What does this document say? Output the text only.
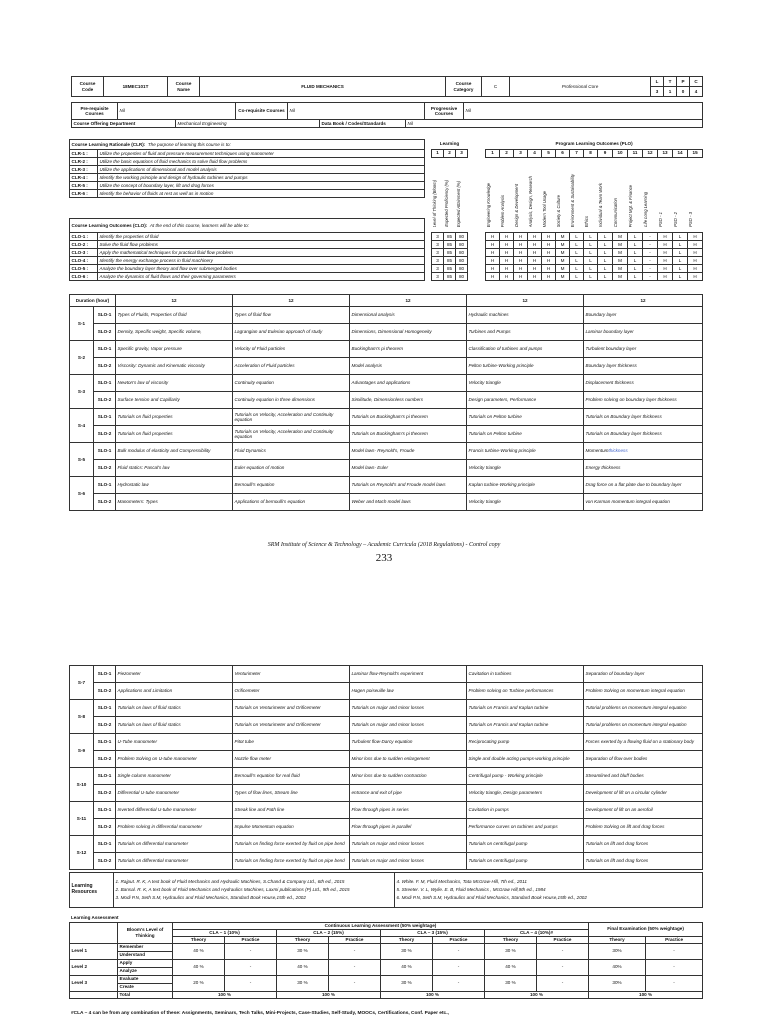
Course Code	18MEC101T	Course Name	FLUID MECHANICS	Course Category	C	Professional Core	L	T	P	C
							3	1	0	4
Pre-requisite Courses	Nil	Co-requisite Courses	Nil	Progressive Courses	Nil
Course Offering Department	Mechanical Engineering	Data Book / Codes/Standards	Nil
Course Learning Rationale (CLR): The purpose of learning this course is to:	
CLR-1 :	Utilize the properties of fluid and pressure measurement techniques using manometer
CLR-2 :	Utilize the basic equations of fluid mechanics to solve fluid flow problems
CLR-3 :	Utilize the applications of dimensional and model analysis
CLR-4 :	Identify the working principle and design of hydraulic turbines and pumps
CLR-5 :	Utilize the concept of boundary layer, lift and drag forces
CLR-6 :	Identify the behavior of fluids at rest as well as in motion
Course Learning Outcomes (CLO): At the end of this course, learners will be able to:	
CLO-1 :	Identify the properties of fluid
CLO-2 :	Solve the fluid flow problems
CLO-3 :	Apply the mathematical techniques for practical fluid flow problem
CLO-4 :	Identify the energy exchange process in fluid machinery
CLO-5 :	Analyze the boundary layer theory and flow over submerged bodies
CLO-6 :	Analyze the dynamics of fluid flows and their governing parameters
Learning		
1	2	3

Level of Thinking (Bloom)	Expected Proficiency (%)	Expected Attainment (%)
Program Learning Outcomes (PLO)														
1	2	3	4	5	6	7	8	9	10	11	12	13	14	15

Engineering Knowledge	Problem Analysis	Design & Development	Analysis, Design, Research	Modern Tool Usage	Society & Culture	Environment & Sustainability	Ethics	Individual & Team Work	Communication	Project Mgt. & Finance	Life Long Learning	PSO - 1	PSO - 2	PSO - 3
3	85	80		H	H	H	H	H	M	L	L	L	M	L	-	H	L	H
3	85	80		H	H	H	H	H	M	L	L	L	M	L	-	H	L	H
3	85	80		H	H	H	H	H	M	L	L	L	M	L	-	H	L	H
3	85	80		H	H	H	H	H	M	L	L	L	M	L	-	H	L	H
3	85	80		H	H	H	H	H	M	L	L	L	M	L	-	H	L	H
3	85	80		H	H	H	H	H	M	L	L	L	M	L	-	H	L	H
Duration (hour)		12	12	12	12	12
S-1	SLO-1	Types of Fluids, Properties of fluid	Types of fluid flow	Dimensional analysis	Hydraulic machines	Boundary layer
	SLO-2	Density, Specific weight, Specific volume,	Lagrangian and Eulerian approach of study	Dimensions, Dimensional Homogeneity	Turbines and Pumps	Laminar boundary layer
S-2	SLO-1	Specific gravity, Vapor pressure	Velocity of Fluid particles	Buckingham's pi theorem	Classification of turbines and pumps	Turbulent boundary layer
	SLO-2	Viscosity: Dynamic and Kinematic viscosity	Acceleration of Fluid particles	Model analysis	Pelton turbine-Working principle	Boundary layer thickness
S-3	SLO-1	Newton's law of viscosity	Continuity equation	Advantages and applications	Velocity triangle	Displacement thickness
	SLO-2	Surface tension and Capillarity	Continuity equation in three dimensions	Similitude, Dimensionless numbers	Design parameters, Performance	Problem solving on boundary layer thickness
S-4	SLO-1	Tutorials on fluid properties	Tutorials on Velocity, Acceleration and Continuity equation	Tutorials on Buckingham's pi theorem	Tutorials on Pelton turbine	Tutorials on Boundary layer thickness
	SLO-2	Tutorials on fluid properties	Tutorials on Velocity, Acceleration and Continuity equation	Tutorials on Buckingham's pi theorem	Tutorials on Pelton turbine	Tutorials on Boundary layer thickness
S-5	SLO-1	Bulk modulus of elasticity and Compressibility	Fluid Dynamics	Model laws- Reynold's, Froude	Francis turbine-Working principle	Momentumthickness
	SLO-2	Fluid statics: Pascal's law	Euler equation of motion	Model laws- Euler	Velocity triangle	Energy thickness
S-6	SLO-1	Hydrostatic law	Bernoulli's equation	Tutorials on Reynold's and Froude model laws	Kaplan turbine-Working principle	Drag force on a flat plate due to boundary layer
	SLO-2	Manometers: Types	Applications of bernoulli's equation	Weber and Mach model laws	Velocity triangle	von Karman momentum integral equation
SRM Institute of Science & Technology – Academic Curricula (2018 Regulations) - Control copy
233
S-7	SLO-1	Piezometer	Venturimeter	Laminar flow-Reynold's experiment	Cavitation in turbines	Separation of boundary layer
	SLO-2	Applications and Limitation	Orificemeter	Hagen poiseuille law	Problem solving on Turbine performances	Problem Solving on momentum integral equation
S-8	SLO-1	Tutorials on laws of fluid statics	Tutorials on Venturimeter and Orificemeter	Tutorials on major and minor losses	Tutorials on Francis and Kaplan turbine	Tutorial problems on momentum integral equation
	SLO-2	Tutorials on laws of fluid statics	Tutorials on Venturimeter and Orificemeter	Tutorials on major and minor losses	Tutorials on Francis and Kaplan turbine	Tutorial problems on momentum integral equation
S-9	SLO-1	U-Tube manometer	Pitot tube	Turbulent flow-Darcy equation	Reciprocating pump	Forces exerted by a flowing fluid on a stationary body
	SLO-2	Problem Solving on U-tube manometer	Nozzle flow meter	Minor loss due to sudden enlargement	Single and double acting pumps-working principle	Separation of flow over bodies
S-10	SLO-1	Single column manometer	Bernoulli's equation for real fluid	Minor loss due to sudden contraction	Centrifugal pump - Working principle	Streamlined and bluff bodies
	SLO-2	Differential U-tube manometer	Types of flow lines, Stream line	entrance and exit of pipe	Velocity triangle, Design parameters	Development of lift on a circular cylinder
S-11	SLO-1	Inverted differential U-tube manometer	Streak line and Path line	Flow through pipes in series	Cavitation in pumps	Development of lift on an aerofoil
	SLO-2	Problem solving in differential manometer	Impulse Momentum equation	Flow through pipes in parallel	Performance curves on turbines and pumps	Problem Solving on lift and drag forces
S-12	SLO-1	Tutorials on differential manometer	Tutorials on finding force exerted by fluid on pipe bend	Tutorials on major and minor losses	Tutorials on centrifugal pump	Tutorials on lift and drag forces
	SLO-2	Tutorials on differential manometer	Tutorials on finding force exerted by fluid on pipe bend	Tutorials on major and minor losses	Tutorials on centrifugal pump	Tutorials on lift and drag forces
Learning Resources	
1. Rajput. R. K, A text book of Fluid Mechanics and Hydraulic Machines, S.Chand & Company Ltd., 6th ed., 2015
2. Bansal. R. K, A text book of Fluid Mechanics and Hydraulics Machines, Laxmi publications (P) Ltd., 9th ed., 2015
3. Modi P.N, Seth S.M, Hydraulics and Fluid Mechanics, Standard Book House,15th ed., 2002

4. White. F. M, Fluid Mechanics, Tata McGraw-Hill, 7th ed., 2011
5. Streeter. V. L, Wylie. E. B, Fluid Mechanics , McGraw Hill,9th ed., 1984
6. Modi P.N, Seth S.M, Hydraulics and Fluid Mechanics, Standard Book House,15th ed., 2002
Learning Assessment											
	Bloom's Level of Thinking	Continuous Learning Assessment (50% weightage)								Final Examination (50% weightage)	
		CLA – 1 (10%)		CLA – 2 (15%)		CLA – 3 (15%)		CLA – 4 (10%)#			
		Theory	Practice	Theory	Practice	Theory	Practice	Theory	Practice	Theory	Practice
Level 1	Remember	40 %	-	30 %	-	30 %	-	30 %	-	30%	-
	Understand										
Level 2	Apply	40 %	-	40 %	-	40 %	-	40 %	-	40%	-
	Analyze										
Level 3	Evaluate	20 %	-	30 %	-	30 %	-	30 %	-	30%	-
	Create										
	Total	100 %		100 %		100 %		100 %		100 %	
#CLA – 4 can be from any combination of these: Assignments, Seminars, Tech Talks, Mini-Projects, Case-Studies, Self-Study, MOOCs, Certifications, Conf. Paper etc.,
